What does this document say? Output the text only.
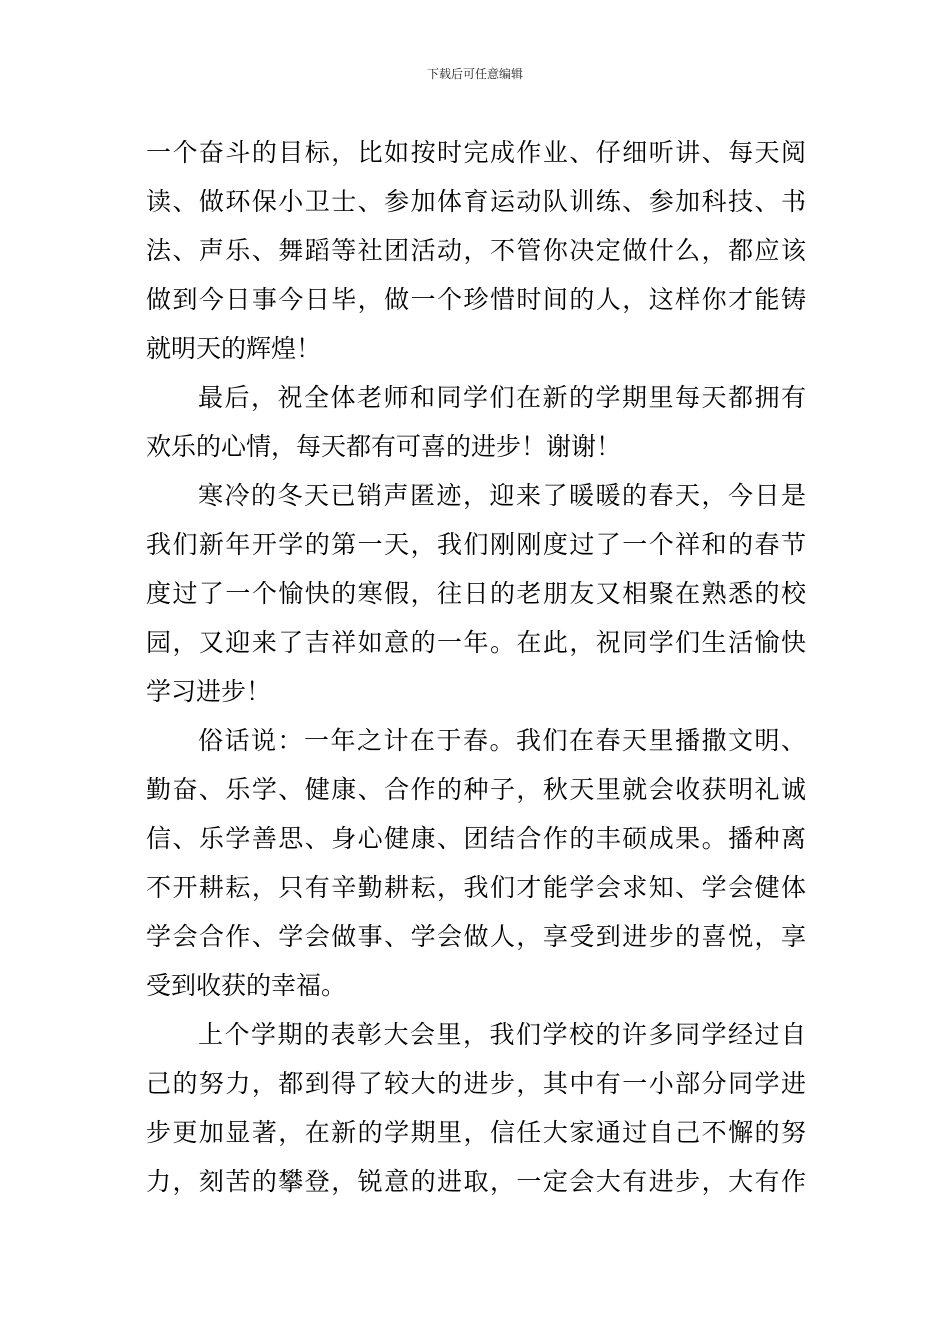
下载后可任意编辑
一个奋斗的目标，比如按时完成作业、仔细听讲、每天阅
读、做环保小卫士、参加体育运动队训练、参加科技、书
法、声乐、舞蹈等社团活动，不管你决定做什么，都应该
做到今日事今日毕，做一个珍惜时间的人，这样你才能铸
就明天的辉煌！
最后，祝全体老师和同学们在新的学期里每天都拥有
欢乐的心情，每天都有可喜的进步！谢谢！
寒冷的冬天已销声匿迹，迎来了暖暖的春天，今日是
我们新年开学的第一天，我们刚刚度过了一个祥和的春节
度过了一个愉快的寒假，往日的老朋友又相聚在熟悉的校
园，又迎来了吉祥如意的一年。在此，祝同学们生活愉快
学习进步！
俗话说：一年之计在于春。我们在春天里播撒文明、
勤奋、乐学、健康、合作的种子，秋天里就会收获明礼诚
信、乐学善思、身心健康、团结合作的丰硕成果。播种离
不开耕耘，只有辛勤耕耘，我们才能学会求知、学会健体
学会合作、学会做事、学会做人，享受到进步的喜悦，享
受到收获的幸福。
上个学期的表彰大会里，我们学校的许多同学经过自
己的努力，都到得了较大的进步，其中有一小部分同学进
步更加显著，在新的学期里，信任大家通过自己不懈的努
力，刻苦的攀登，锐意的进取，一定会大有进步，大有作
